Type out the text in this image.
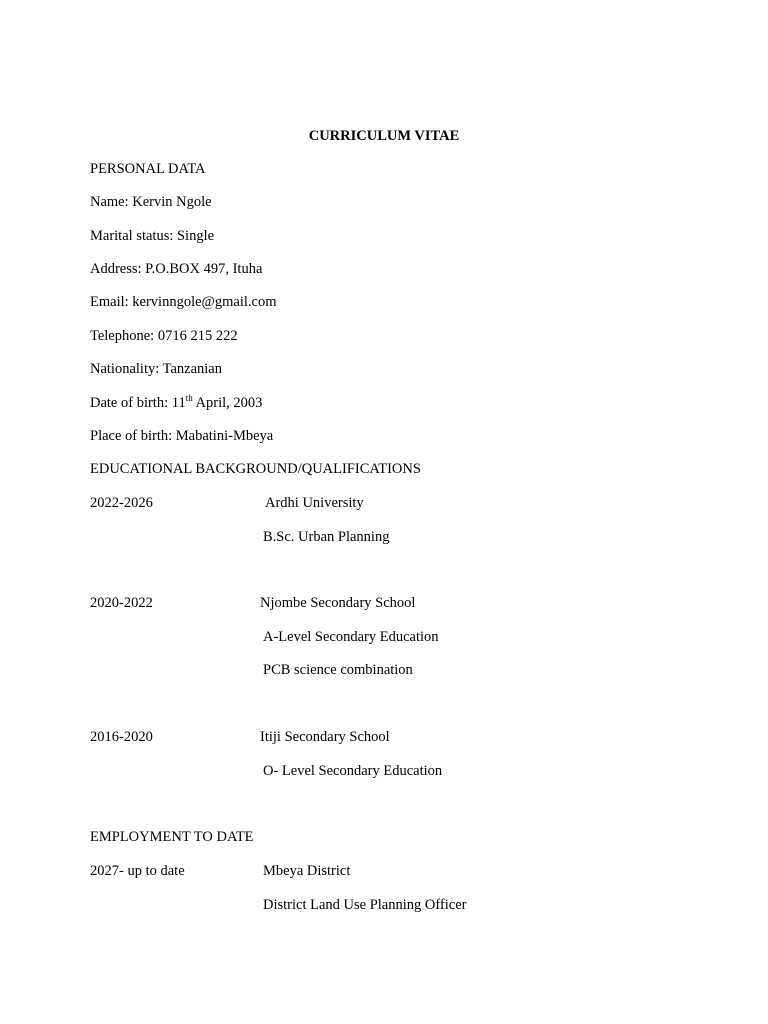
CURRICULUM VITAE
PERSONAL DATA
Name: Kervin Ngole
Marital status: Single
Address: P.O.BOX 497, Ituha
Email: kervinngole@gmail.com
Telephone: 0716 215 222
Nationality: Tanzanian
Date of birth: 11th April, 2003
Place of birth: Mabatini-Mbeya
EDUCATIONAL BACKGROUND/QUALIFICATIONS
2022-2026	Ardhi University
B.Sc. Urban Planning
2020-2022	Njombe Secondary School
A-Level Secondary Education
PCB science combination
2016-2020	Itiji Secondary School
O- Level Secondary Education
EMPLOYMENT TO DATE
2027- up to date	Mbeya District
District Land Use Planning Officer
